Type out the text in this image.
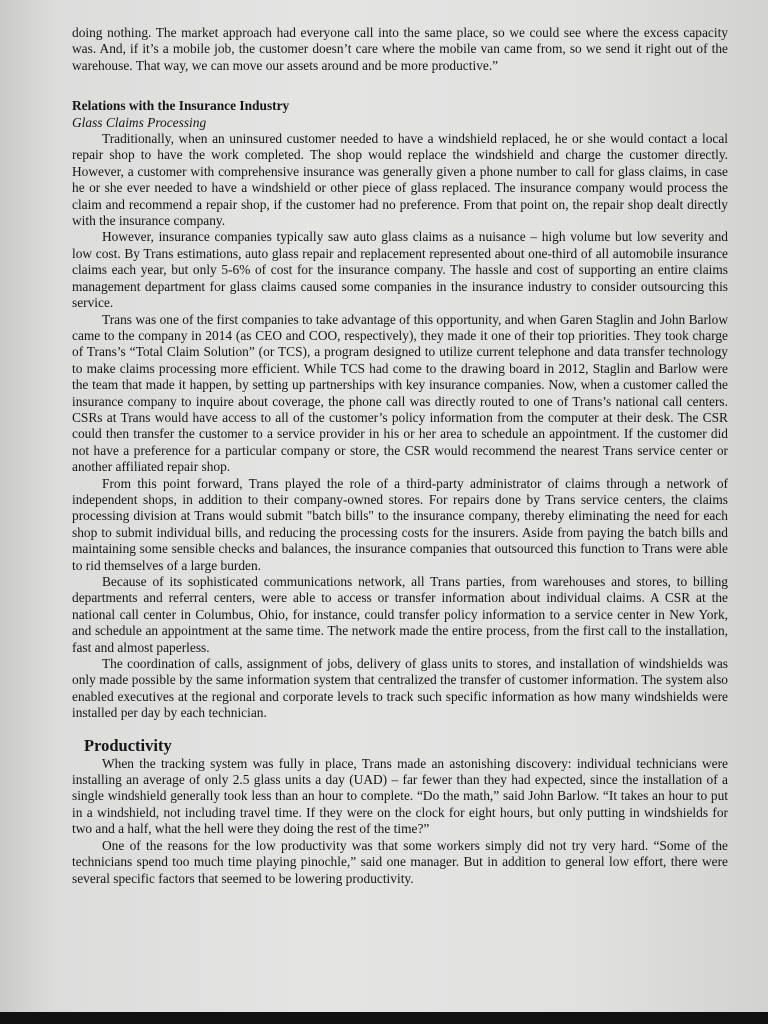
doing nothing. The market approach had everyone call into the same place, so we could see where the excess capacity was. And, if it’s a mobile job, the customer doesn’t care where the mobile van came from, so we send it right out of the warehouse. That way, we can move our assets around and be more productive.”

Relations with the Insurance Industry

Glass Claims Processing

Traditionally, when an uninsured customer needed to have a windshield replaced, he or she would contact a local repair shop to have the work completed. The shop would replace the windshield and charge the customer directly. However, a customer with comprehensive insurance was generally given a phone number to call for glass claims, in case he or she ever needed to have a windshield or other piece of glass replaced. The insurance company would process the claim and recommend a repair shop, if the customer had no preference. From that point on, the repair shop dealt directly with the insurance company.

However, insurance companies typically saw auto glass claims as a nuisance – high volume but low severity and low cost. By Trans estimations, auto glass repair and replacement represented about one-third of all automobile insurance claims each year, but only 5-6% of cost for the insurance company. The hassle and cost of supporting an entire claims management department for glass claims caused some companies in the insurance industry to consider outsourcing this service.

Trans was one of the first companies to take advantage of this opportunity, and when Garen Staglin and John Barlow came to the company in 2014 (as CEO and COO, respectively), they made it one of their top priorities. They took charge of Trans’s “Total Claim Solution” (or TCS), a program designed to utilize current telephone and data transfer technology to make claims processing more efficient. While TCS had come to the drawing board in 2012, Staglin and Barlow were the team that made it happen, by setting up partnerships with key insurance companies. Now, when a customer called the insurance company to inquire about coverage, the phone call was directly routed to one of Trans’s national call centers. CSRs at Trans would have access to all of the customer’s policy information from the computer at their desk. The CSR could then transfer the customer to a service provider in his or her area to schedule an appointment. If the customer did not have a preference for a particular company or store, the CSR would recommend the nearest Trans service center or another affiliated repair shop.

From this point forward, Trans played the role of a third-party administrator of claims through a network of independent shops, in addition to their company-owned stores. For repairs done by Trans service centers, the claims processing division at Trans would submit "batch bills" to the insurance company, thereby eliminating the need for each shop to submit individual bills, and reducing the processing costs for the insurers. Aside from paying the batch bills and maintaining some sensible checks and balances, the insurance companies that outsourced this function to Trans were able to rid themselves of a large burden.

Because of its sophisticated communications network, all Trans parties, from warehouses and stores, to billing departments and referral centers, were able to access or transfer information about individual claims. A CSR at the national call center in Columbus, Ohio, for instance, could transfer policy information to a service center in New York, and schedule an appointment at the same time. The network made the entire process, from the first call to the installation, fast and almost paperless.

The coordination of calls, assignment of jobs, delivery of glass units to stores, and installation of windshields was only made possible by the same information system that centralized the transfer of customer information. The system also enabled executives at the regional and corporate levels to track such specific information as how many windshields were installed per day by each technician.

Productivity

When the tracking system was fully in place, Trans made an astonishing discovery: individual technicians were installing an average of only 2.5 glass units a day (UAD) – far fewer than they had expected, since the installation of a single windshield generally took less than an hour to complete. “Do the math,” said John Barlow. “It takes an hour to put in a windshield, not including travel time. If they were on the clock for eight hours, but only putting in windshields for two and a half, what the hell were they doing the rest of the time?”

One of the reasons for the low productivity was that some workers simply did not try very hard. “Some of the technicians spend too much time playing pinochle,” said one manager. But in addition to general low effort, there were several specific factors that seemed to be lowering productivity.
